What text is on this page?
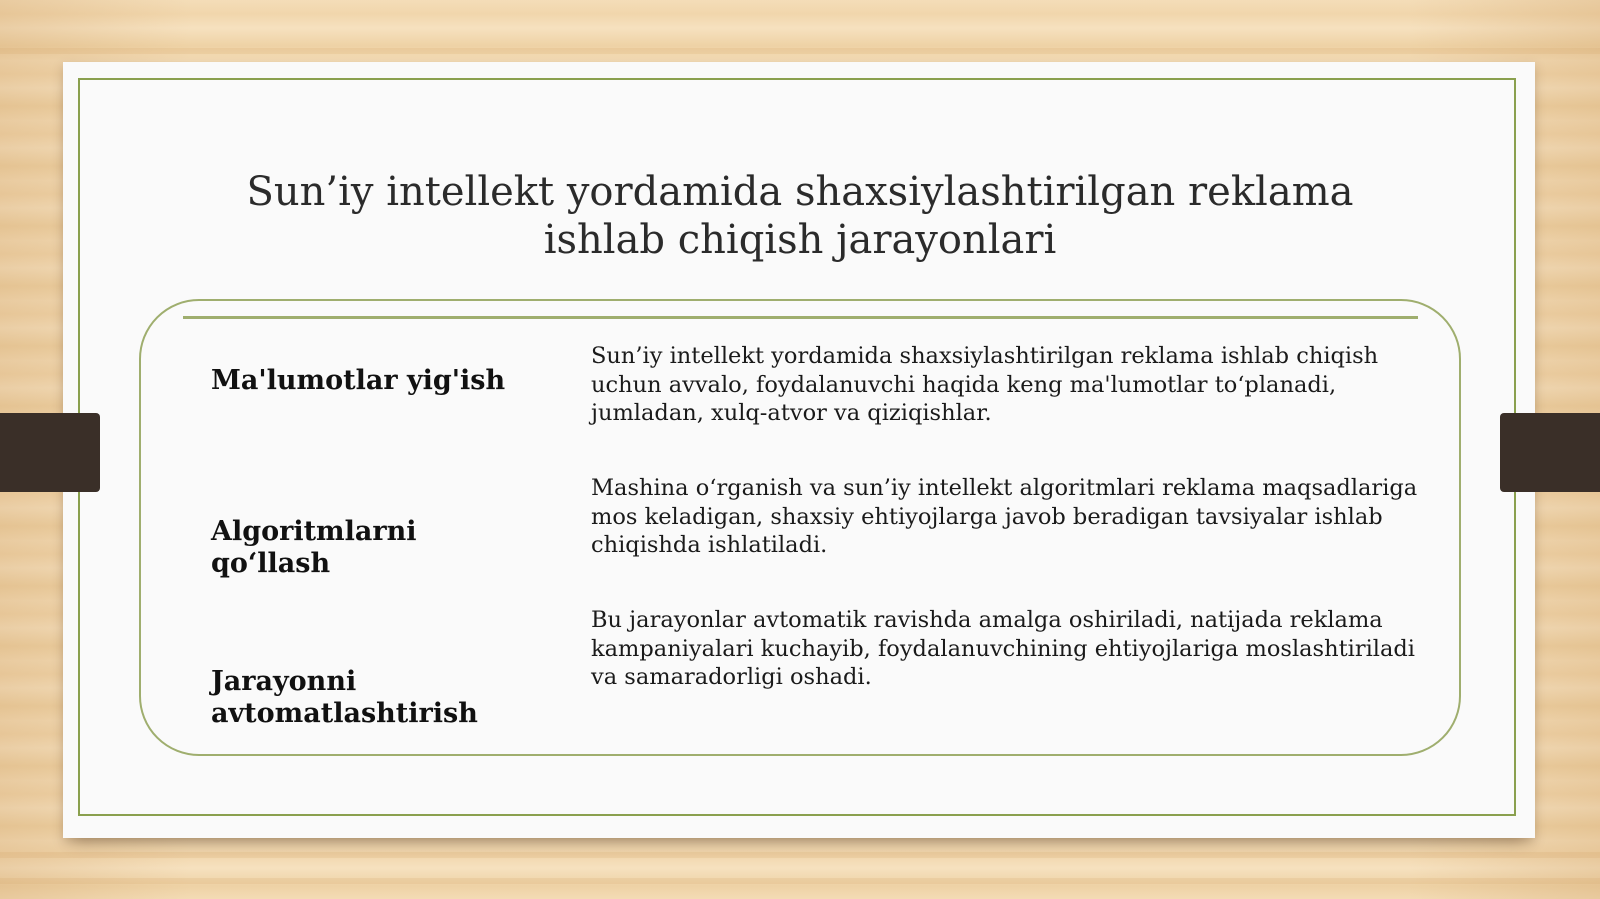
Sun’iy intellekt yordamida shaxsiylashtirilgan reklama ishlab chiqish jarayonlari

Ma'lumotlar yig'ish

Sun’iy intellekt yordamida shaxsiylashtirilgan reklama ishlab chiqish uchun avvalo, foydalanuvchi haqida keng ma'lumotlar to‘planadi, jumladan, xulq-atvor va qiziqishlar.

Algoritmlarni qo‘llash

Mashina o‘rganish va sun’iy intellekt algoritmlari reklama maqsadlariga mos keladigan, shaxsiy ehtiyojlarga javob beradigan tavsiyalar ishlab chiqishda ishlatiladi.

Jarayonni avtomatlashtirish

Bu jarayonlar avtomatik ravishda amalga oshiriladi, natijada reklama kampaniyalari kuchayib, foydalanuvchining ehtiyojlariga moslashtiriladi va samaradorligi oshadi.
